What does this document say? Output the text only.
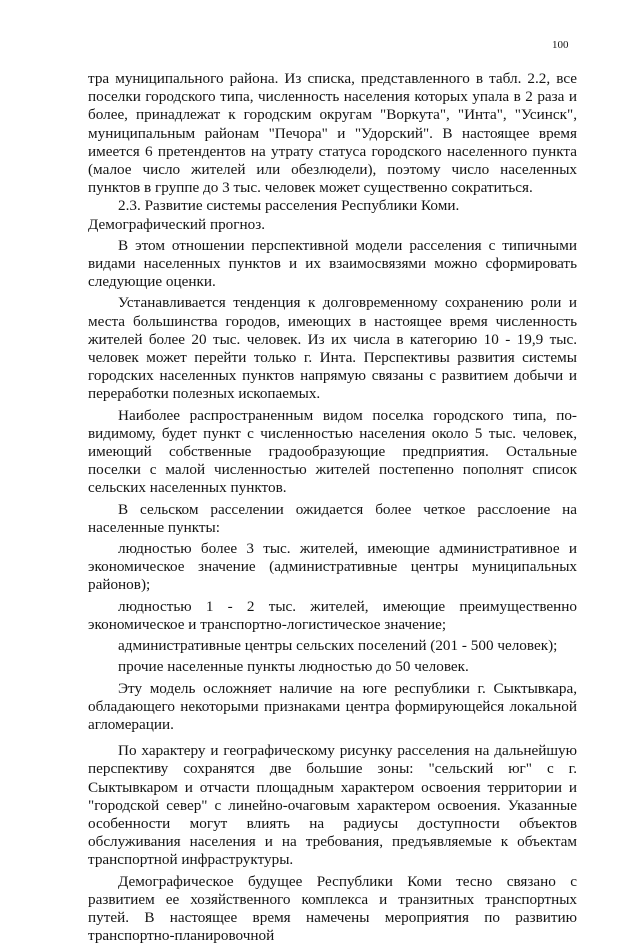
100

тра муниципального района. Из списка, представленного в табл. 2.2, все поселки городского типа, численность населения которых упала в 2 раза и более, принадлежат к городским округам "Воркута", "Инта", "Усинск", муниципальным районам "Печора" и "Удорский". В настоящее время имеется 6 претендентов на утрату статуса городского населенного пункта (малое число жителей или обезлюдели), поэтому число населенных пунктов в группе до 3 тыс. человек может существенно сократиться.

2.3. Развитие системы расселения Республики Коми. Демографический прогноз.

В этом отношении перспективной модели расселения с типичными видами населенных пунктов и их взаимосвязями можно сформировать следующие оценки.

Устанавливается тенденция к долговременному сохранению роли и места большинства городов, имеющих в настоящее время численность жителей более 20 тыс. человек. Из их числа в категорию 10 - 19,9 тыс. человек может перейти только г. Инта. Перспективы развития системы городских населенных пунктов напрямую связаны с развитием добычи и переработки полезных ископаемых.

Наиболее распространенным видом поселка городского типа, по-видимому, будет пункт с численностью населения около 5 тыс. человек, имеющий собственные градообразующие предприятия. Остальные поселки с малой численностью жителей постепенно пополнят список сельских населенных пунктов.

В сельском расселении ожидается более четкое расслоение на населенные пункты:

людностью более 3 тыс. жителей, имеющие административное и экономическое значение (административные центры муниципальных районов);

людностью 1 - 2 тыс. жителей, имеющие преимущественно экономическое и транспортно-логистическое значение;

административные центры сельских поселений (201 - 500 человек);

прочие населенные пункты людностью до 50 человек.

Эту модель осложняет наличие на юге республики г. Сыктывкара, обладающего некоторыми признаками центра формирующейся локальной агломерации.

По характеру и географическому рисунку расселения на дальнейшую перспективу сохранятся две большие зоны: "сельский юг" с г. Сыктывкаром и отчасти площадным характером освоения территории и "городской север" с линейно-очаговым характером освоения. Указанные особенности могут влиять на радиусы доступности объектов обслуживания населения и на требования, предъявляемые к объектам транспортной инфраструктуры.

Демографическое будущее Республики Коми тесно связано с развитием ее хозяйственного комплекса и транзитных транспортных путей. В настоящее время намечены мероприятия по развитию транспортно-планировочной
